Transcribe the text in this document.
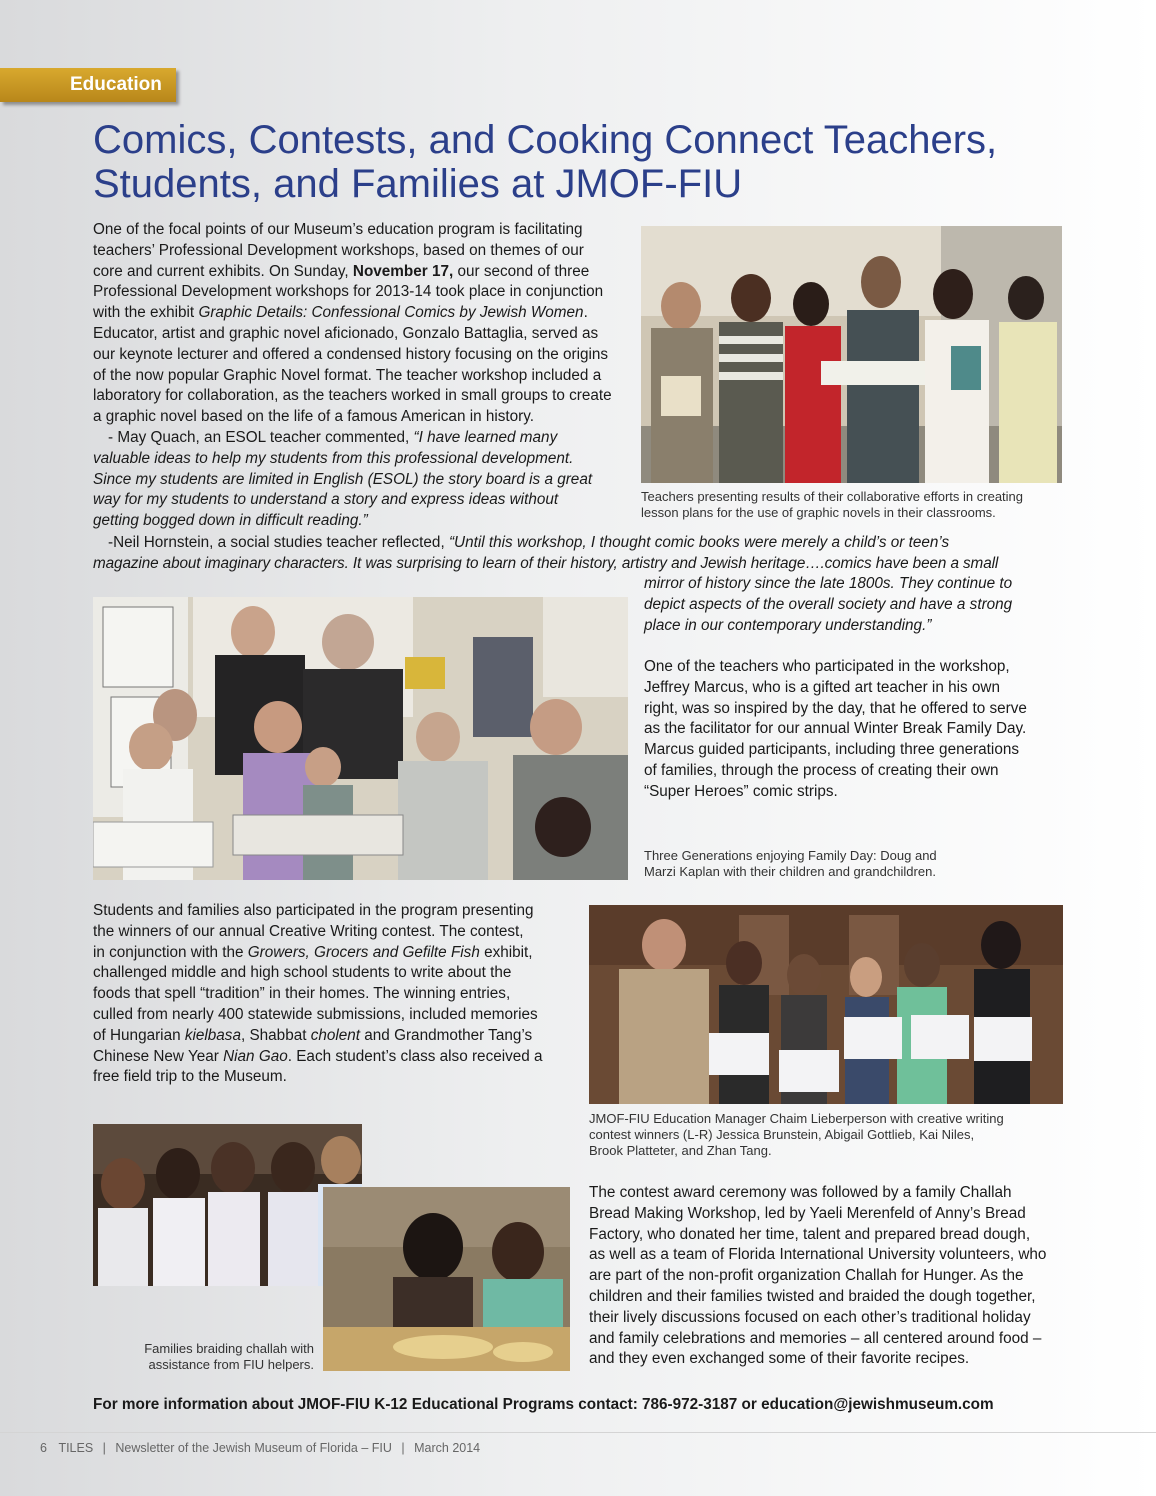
Education
Comics, Contests, and Cooking Connect Teachers,
Students, and Families at JMOF-FIU
One of the focal points of our Museum’s education program is facilitating
teachers’ Professional Development workshops, based on themes of our
core and current exhibits. On Sunday, November 17, our second of three
Professional Development workshops for 2013-14 took place in conjunction
with the exhibit Graphic Details: Confessional Comics by Jewish Women.
Educator, artist and graphic novel aficionado, Gonzalo Battaglia, served as
our keynote lecturer and offered a condensed history focusing on the origins
of the now popular Graphic Novel format. The teacher workshop included a
laboratory for collaboration, as the teachers worked in small groups to create
a graphic novel based on the life of a famous American in history.
- May Quach, an ESOL teacher commented, “I have learned many
valuable ideas to help my students from this professional development.
Since my students are limited in English (ESOL) the story board is a great
way for my students to understand a story and express ideas without
getting bogged down in difficult reading.”
-Neil Hornstein, a social studies teacher reflected, “Until this workshop, I thought comic books were merely a child’s or teen’s
magazine about imaginary characters. It was surprising to learn of their history, artistry and Jewish heritage….comics have been a small
mirror of history since the late 1800s. They continue to
depict aspects of the overall society and have a strong
place in our contemporary understanding.”
One of the teachers who participated in the workshop,
Jeffrey Marcus, who is a gifted art teacher in his own
right, was so inspired by the day, that he offered to serve
as the facilitator for our annual Winter Break Family Day.
Marcus guided participants, including three generations
of families, through the process of creating their own
“Super Heroes” comic strips.
Teachers presenting results of their collaborative efforts in creating
lesson plans for the use of graphic novels in their classrooms.
Three Generations enjoying Family Day: Doug and
Marzi Kaplan with their children and grandchildren.
Students and families also participated in the program presenting
the winners of our annual Creative Writing contest. The contest,
in conjunction with the Growers, Grocers and Gefilte Fish exhibit,
challenged middle and high school students to write about the
foods that spell “tradition” in their homes. The winning entries,
culled from nearly 400 statewide submissions, included memories
of Hungarian kielbasa, Shabbat cholent and Grandmother Tang’s
Chinese New Year Nian Gao. Each student’s class also received a
free field trip to the Museum.
JMOF-FIU Education Manager Chaim Lieberperson with creative writing
contest winners (L-R) Jessica Brunstein, Abigail Gottlieb, Kai Niles,
Brook Platteter, and Zhan Tang.
The contest award ceremony was followed by a family Challah
Bread Making Workshop, led by Yaeli Merenfeld of Anny’s Bread
Factory, who donated her time, talent and prepared bread dough,
as well as a team of Florida International University volunteers, who
are part of the non-profit organization Challah for Hunger. As the
children and their families twisted and braided the dough together,
their lively discussions focused on each other’s traditional holiday
and family celebrations and memories – all centered around food –
and they even exchanged some of their favorite recipes.
Families braiding challah with
assistance from FIU helpers.
For more information about JMOF-FIU K-12 Educational Programs contact: 786-972-3187 or education@jewishmuseum.com
6 TILES | Newsletter of the Jewish Museum of Florida – FIU | March 2014
